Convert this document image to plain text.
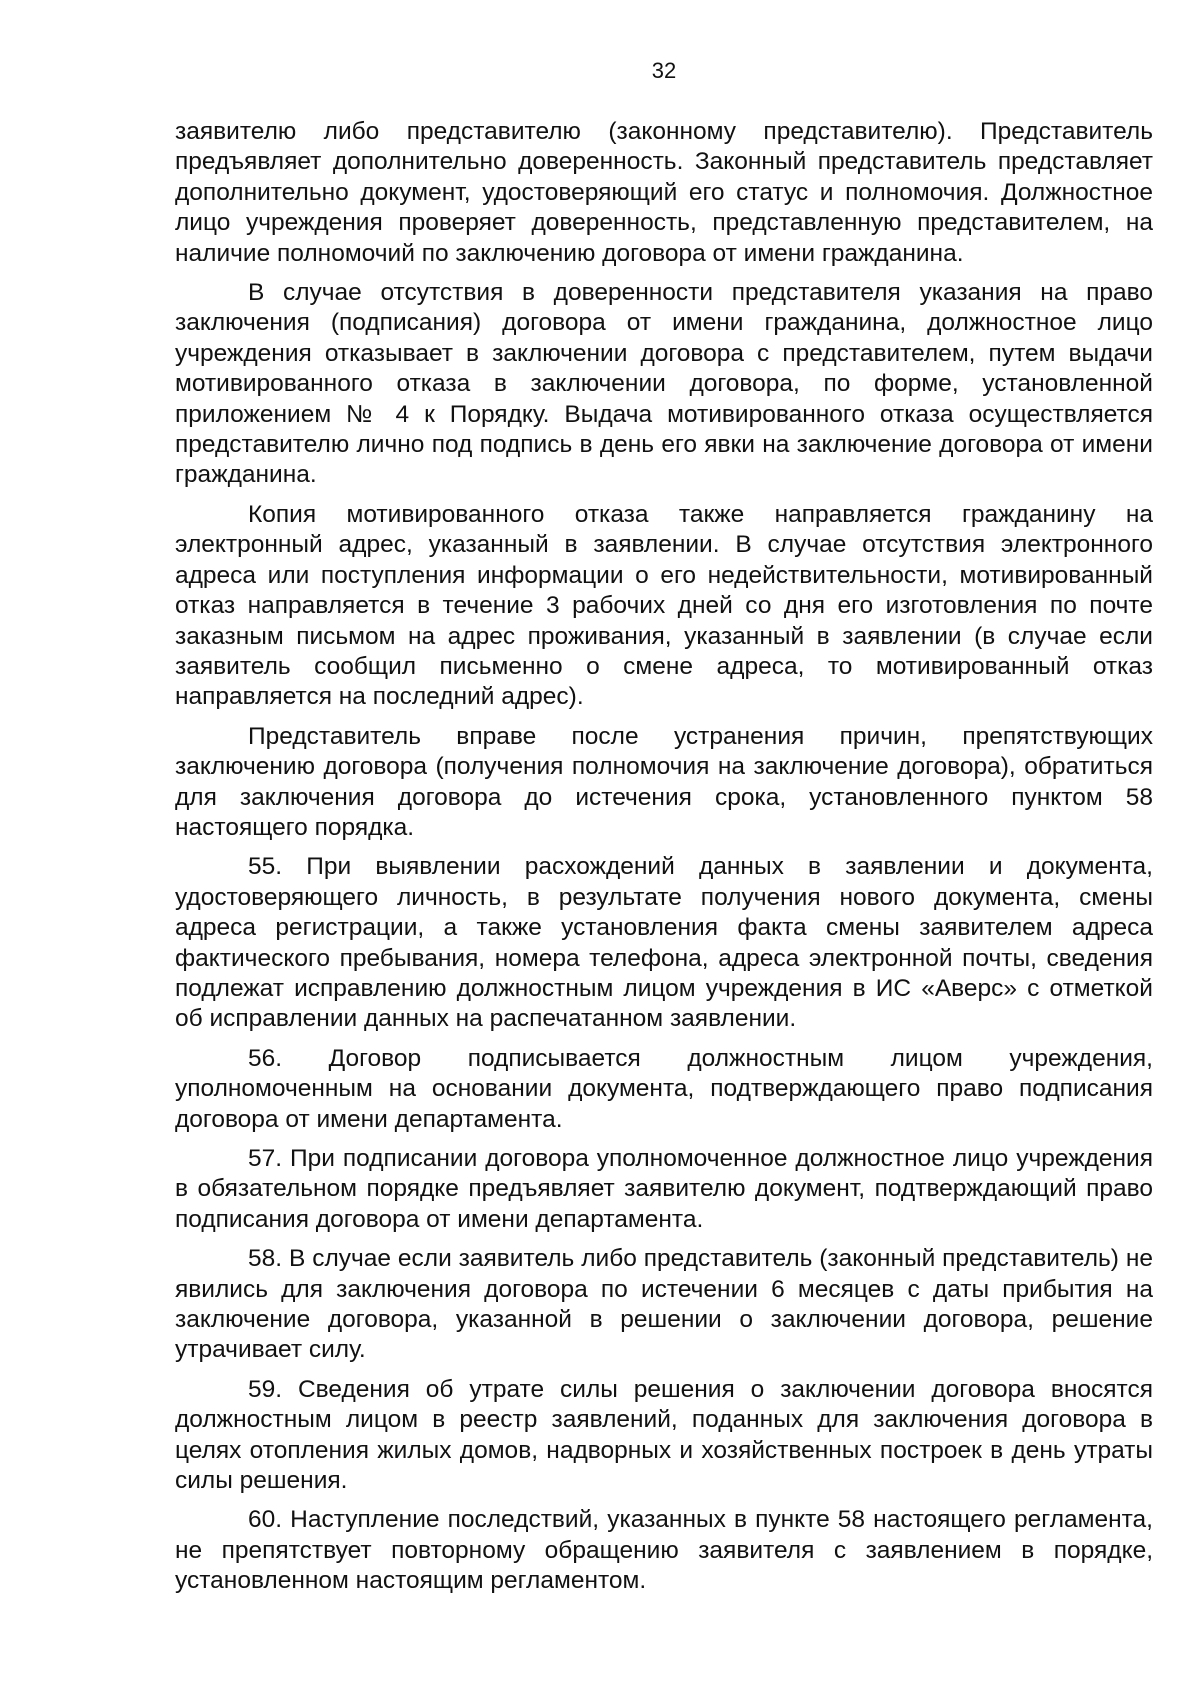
32

заявителю либо представителю (законному представителю). Представитель предъявляет дополнительно доверенность. Законный представитель представляет дополнительно документ, удостоверяющий его статус и полномочия. Должностное лицо учреждения проверяет доверенность, представленную представителем, на наличие полномочий по заключению договора от имени гражданина.

В случае отсутствия в доверенности представителя указания на право заключения (подписания) договора от имени гражданина, должностное лицо учреждения отказывает в заключении договора с представителем, путем выдачи мотивированного отказа в заключении договора, по форме, установленной приложением № 4 к Порядку. Выдача мотивированного отказа осуществляется представителю лично под подпись в день его явки на заключение договора от имени гражданина.

Копия мотивированного отказа также направляется гражданину на электронный адрес, указанный в заявлении. В случае отсутствия электронного адреса или поступления информации о его недействительности, мотивированный отказ направляется в течение 3 рабочих дней со дня его изготовления по почте заказным письмом на адрес проживания, указанный в заявлении (в случае если заявитель сообщил письменно о смене адреса, то мотивированный отказ направляется на последний адрес).

Представитель вправе после устранения причин, препятствующих заключению договора (получения полномочия на заключение договора), обратиться для заключения договора до истечения срока, установленного пунктом 58 настоящего порядка.

55. При выявлении расхождений данных в заявлении и документа, удостоверяющего личность, в результате получения нового документа, смены адреса регистрации, а также установления факта смены заявителем адреса фактического пребывания, номера телефона, адреса электронной почты, сведения подлежат исправлению должностным лицом учреждения в ИС «Аверс» с отметкой об исправлении данных на распечатанном заявлении.

56. Договор подписывается должностным лицом учреждения, уполномоченным на основании документа, подтверждающего право подписания договора от имени департамента.

57. При подписании договора уполномоченное должностное лицо учреждения в обязательном порядке предъявляет заявителю документ, подтверждающий право подписания договора от имени департамента.

58. В случае если заявитель либо представитель (законный представитель) не явились для заключения договора по истечении 6 месяцев с даты прибытия на заключение договора, указанной в решении о заключении договора, решение утрачивает силу.

59. Сведения об утрате силы решения о заключении договора вносятся должностным лицом в реестр заявлений, поданных для заключения договора в целях отопления жилых домов, надворных и хозяйственных построек в день утраты силы решения.

60. Наступление последствий, указанных в пункте 58 настоящего регламента, не препятствует повторному обращению заявителя с заявлением в порядке, установленном настоящим регламентом.
